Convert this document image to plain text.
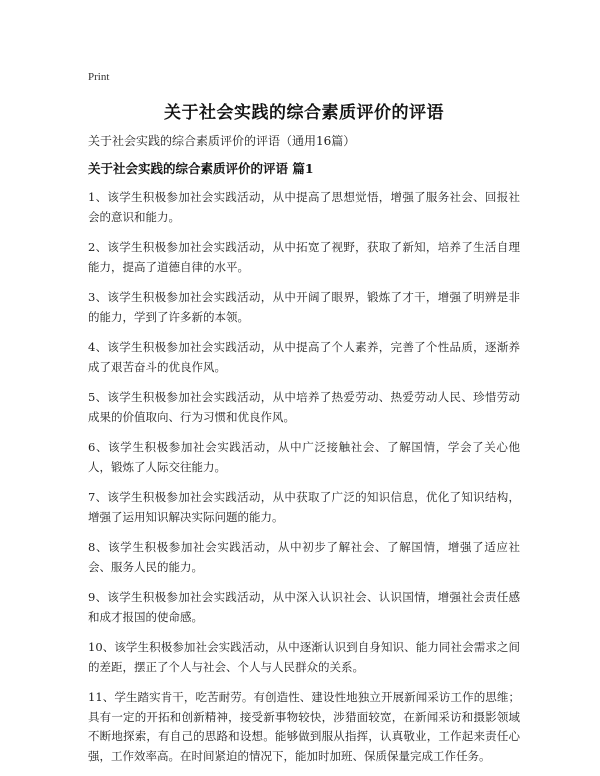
Print
关于社会实践的综合素质评价的评语
关于社会实践的综合素质评价的评语（通用16篇）
关于社会实践的综合素质评价的评语 篇1
1、该学生积极参加社会实践活动，从中提高了思想觉悟，增强了服务社会、回报社会的意识和能力。
2、该学生积极参加社会实践活动，从中拓宽了视野，获取了新知，培养了生活自理能力，提高了道德自律的水平。
3、该学生积极参加社会实践活动，从中开阔了眼界，锻炼了才干，增强了明辨是非的能力，学到了许多新的本领。
4、该学生积极参加社会实践活动，从中提高了个人素养，完善了个性品质，逐渐养成了艰苦奋斗的优良作风。
5、该学生积极参加社会实践活动，从中培养了热爱劳动、热爱劳动人民、珍惜劳动成果的价值取向、行为习惯和优良作风。
6、该学生积极参加社会实践活动，从中广泛接触社会、了解国情，学会了关心他人，锻炼了人际交往能力。
7、该学生积极参加社会实践活动，从中获取了广泛的知识信息，优化了知识结构，增强了运用知识解决实际问题的能力。
8、该学生积极参加社会实践活动，从中初步了解社会、了解国情，增强了适应社会、服务人民的能力。
9、该学生积极参加社会实践活动，从中深入认识社会、认识国情，增强社会责任感和成才报国的使命感。
10、该学生积极参加社会实践活动，从中逐渐认识到自身知识、能力同社会需求之间的差距，摆正了个人与社会、个人与人民群众的关系。
11、学生踏实肯干，吃苦耐劳。有创造性、建设性地独立开展新闻采访工作的思维；具有一定的开拓和创新精神，接受新事物较快，涉猎面较宽，在新闻采访和摄影领域不断地探索，有自己的思路和设想。能够做到服从指挥，认真敬业，工作起来责任心强，工作效率高。在时间紧迫的情况下，能加时加班、保质保量完成工作任务。
